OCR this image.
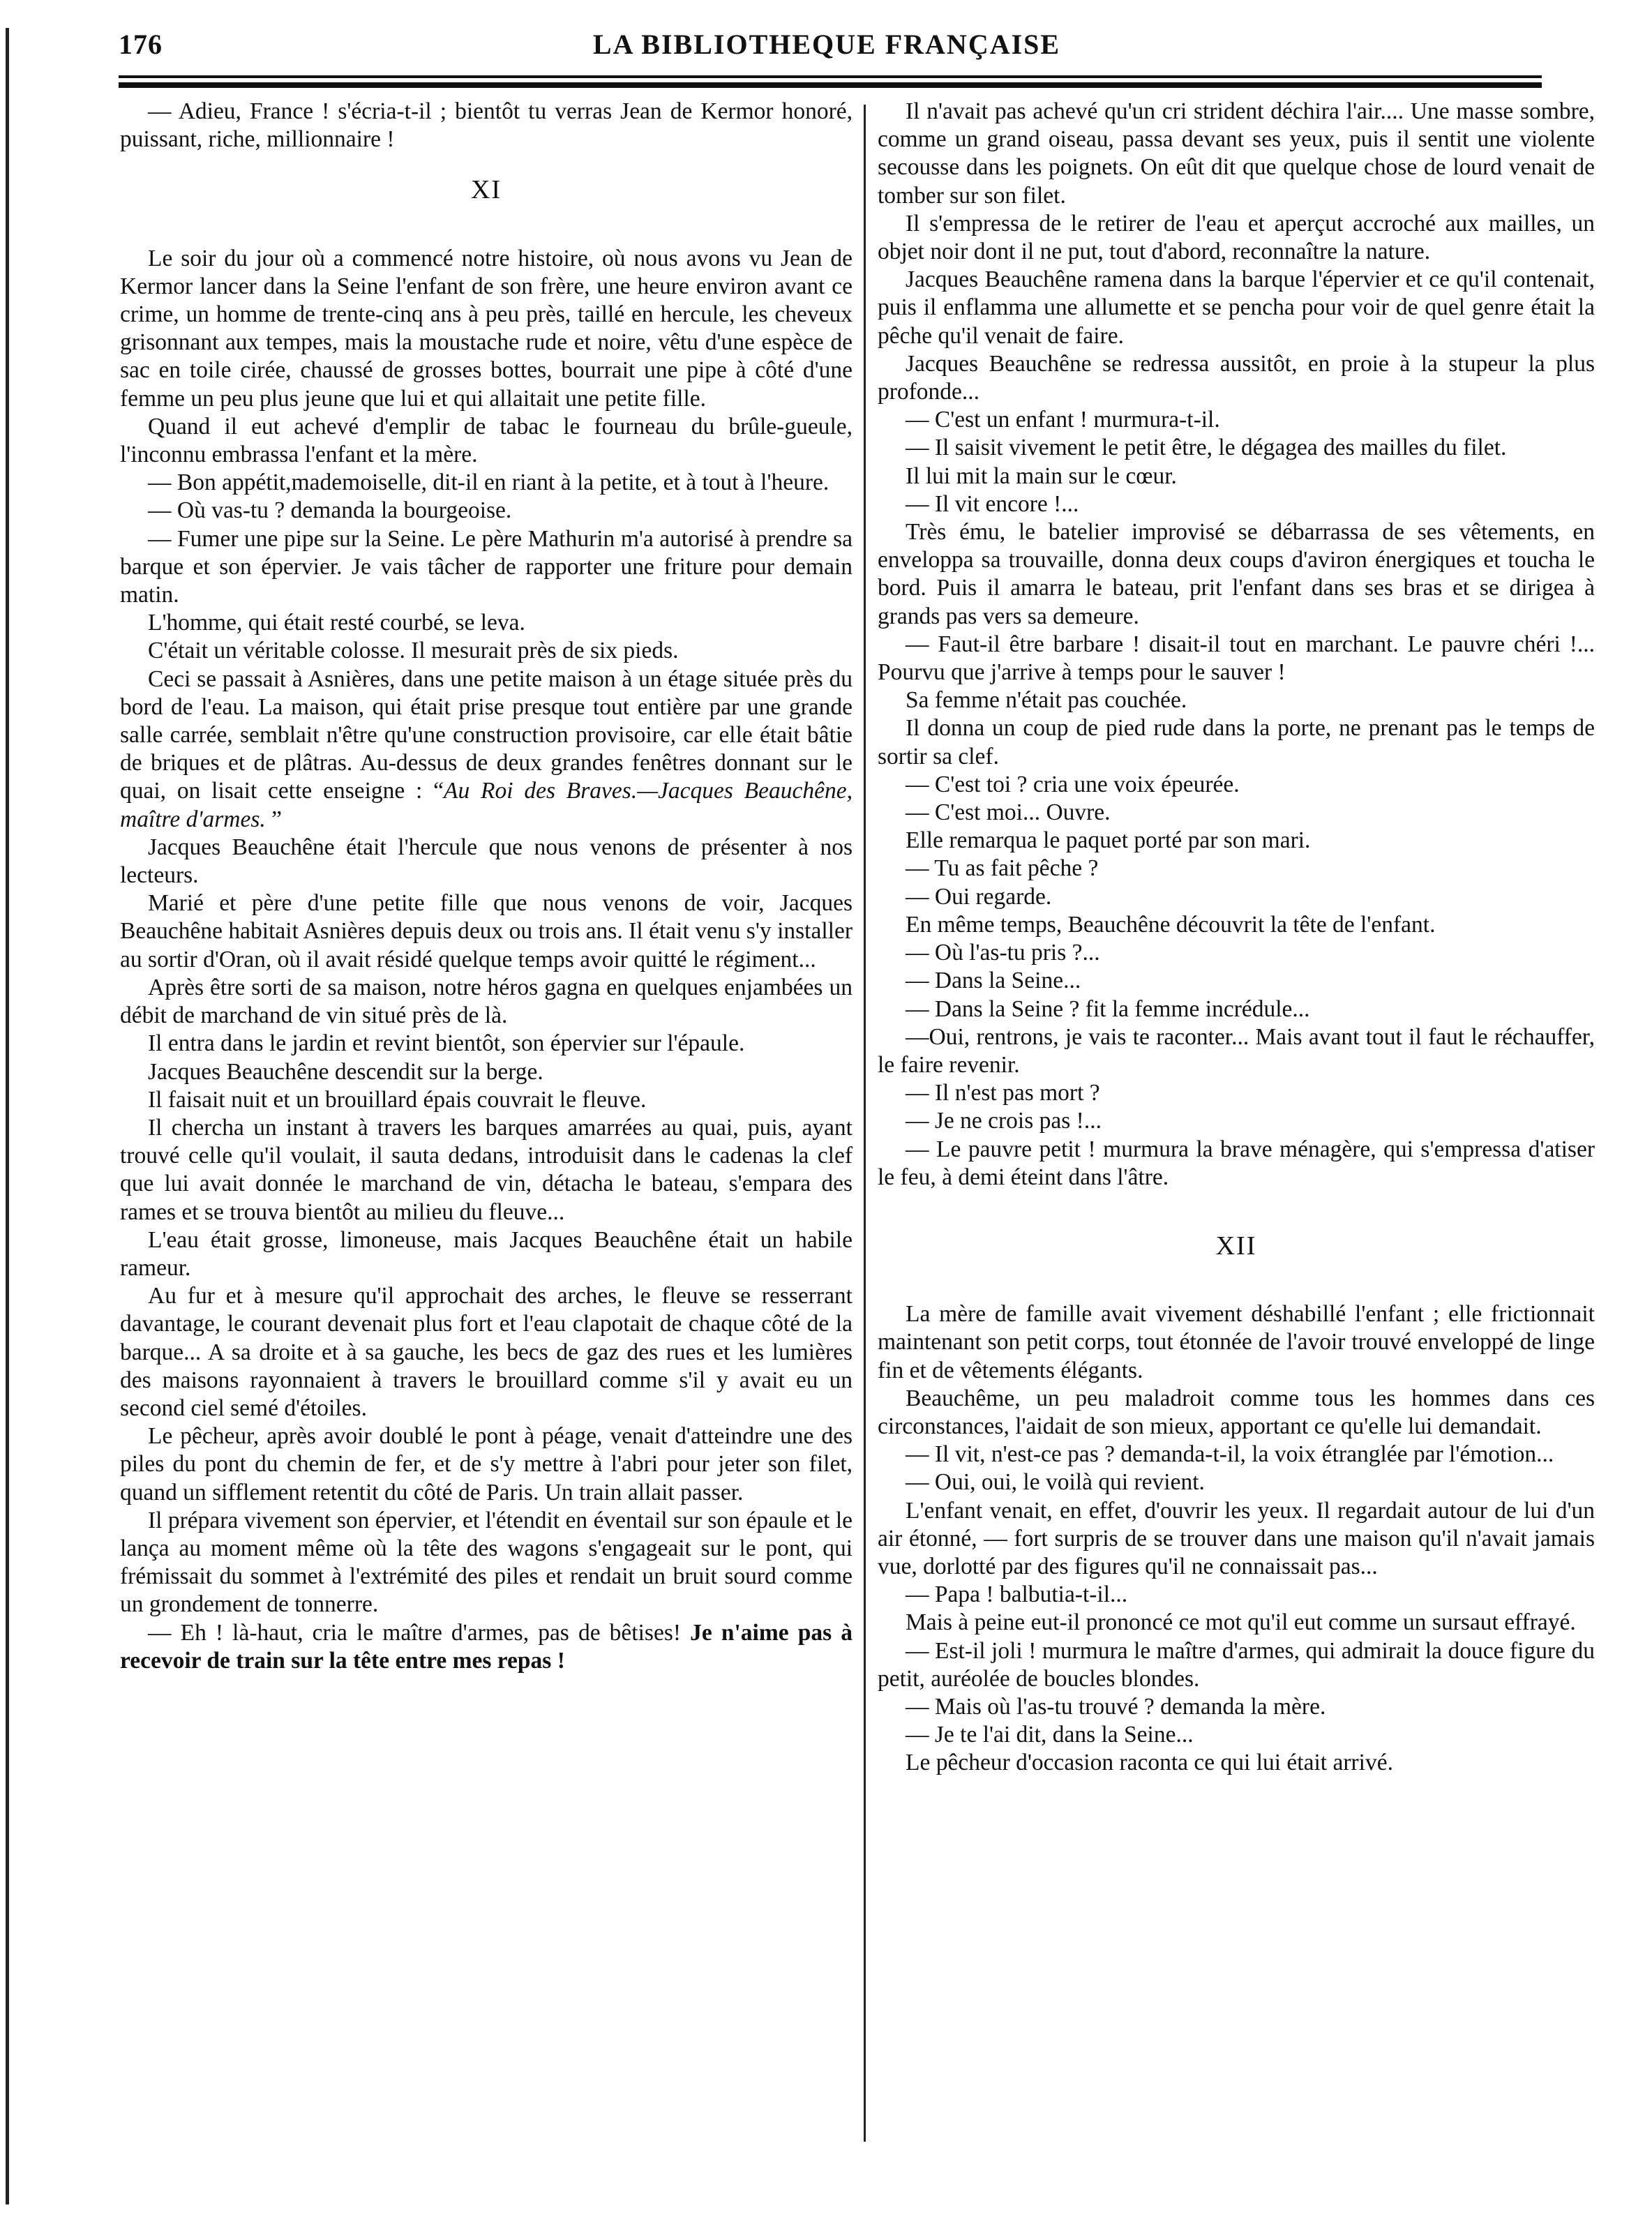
176	LA BIBLIOTHEQUE FRANÇAISE

— Adieu, France ! s'écria-t-il ; bientôt tu verras Jean de Kermor honoré, puissant, riche, millionnaire !

XI

Le soir du jour où a commencé notre histoire, où nous avons vu Jean de Kermor lancer dans la Seine l'enfant de son frère, une heure environ avant ce crime, un homme de trente-cinq ans à peu près, taillé en hercule, les cheveux grisonnant aux tempes, mais la moustache rude et noire, vêtu d'une espèce de sac en toile cirée, chaussé de grosses bottes, bourrait une pipe à côté d'une femme un peu plus jeune que lui et qui allaitait une petite fille.

Quand il eut achevé d'emplir de tabac le fourneau du brûle-gueule, l'inconnu embrassa l'enfant et la mère.

— Bon appétit,mademoiselle, dit-il en riant à la petite, et à tout à l'heure.

— Où vas-tu ? demanda la bourgeoise.

— Fumer une pipe sur la Seine. Le père Mathurin m'a autorisé à prendre sa barque et son épervier. Je vais tâcher de rapporter une friture pour demain matin.

L'homme, qui était resté courbé, se leva.

C'était un véritable colosse. Il mesurait près de six pieds.

Ceci se passait à Asnières, dans une petite maison à un étage située près du bord de l'eau. La maison, qui était prise presque tout entière par une grande salle carrée, semblait n'être qu'une construction provisoire, car elle était bâtie de briques et de plâtras. Au-dessus de deux grandes fenêtres donnant sur le quai, on lisait cette enseigne : “Au Roi des Braves.—Jacques Beauchêne, maître d'armes. ”

Jacques Beauchêne était l'hercule que nous venons de présenter à nos lecteurs.

Marié et père d'une petite fille que nous venons de voir, Jacques Beauchêne habitait Asnières depuis deux ou trois ans. Il était venu s'y installer au sortir d'Oran, où il avait résidé quelque temps avoir quitté le régiment...

Après être sorti de sa maison, notre héros gagna en quelques enjambées un débit de marchand de vin situé près de là.

Il entra dans le jardin et revint bientôt, son épervier sur l'épaule.

Jacques Beauchêne descendit sur la berge.

Il faisait nuit et un brouillard épais couvrait le fleuve.

Il chercha un instant à travers les barques amarrées au quai, puis, ayant trouvé celle qu'il voulait, il sauta dedans, introduisit dans le cadenas la clef que lui avait donnée le marchand de vin, détacha le bateau, s'empara des rames et se trouva bientôt au milieu du fleuve...

L'eau était grosse, limoneuse, mais Jacques Beauchêne était un habile rameur.

Au fur et à mesure qu'il approchait des arches, le fleuve se resserrant davantage, le courant devenait plus fort et l'eau clapotait de chaque côté de la barque... A sa droite et à sa gauche, les becs de gaz des rues et les lumières des maisons rayonnaient à travers le brouillard comme s'il y avait eu un second ciel semé d'étoiles.

Le pêcheur, après avoir doublé le pont à péage, venait d'atteindre une des piles du pont du chemin de fer, et de s'y mettre à l'abri pour jeter son filet, quand un sifflement retentit du côté de Paris. Un train allait passer.

Il prépara vivement son épervier, et l'étendit en éventail sur son épaule et le lança au moment même où la tête des wagons s'engageait sur le pont, qui frémissait du sommet à l'extrémité des piles et rendait un bruit sourd comme un grondement de tonnerre.

— Eh ! là-haut, cria le maître d'armes, pas de bêtises! Je n'aime pas à recevoir de train sur la tête entre mes repas !

Il n'avait pas achevé qu'un cri strident déchira l'air.... Une masse sombre, comme un grand oiseau, passa devant ses yeux, puis il sentit une violente secousse dans les poignets. On eût dit que quelque chose de lourd venait de tomber sur son filet.

Il s'empressa de le retirer de l'eau et aperçut accroché aux mailles, un objet noir dont il ne put, tout d'abord, reconnaître la nature.

Jacques Beauchêne ramena dans la barque l'épervier et ce qu'il contenait, puis il enflamma une allumette et se pencha pour voir de quel genre était la pêche qu'il venait de faire.

Jacques Beauchêne se redressa aussitôt, en proie à la stupeur la plus profonde...

— C'est un enfant ! murmura-t-il.

— Il saisit vivement le petit être, le dégagea des mailles du filet.

Il lui mit la main sur le cœur.

— Il vit encore !...

Très ému, le batelier improvisé se débarrassa de ses vêtements, en enveloppa sa trouvaille, donna deux coups d'aviron énergiques et toucha le bord. Puis il amarra le bateau, prit l'enfant dans ses bras et se dirigea à grands pas vers sa demeure.

— Faut-il être barbare ! disait-il tout en marchant. Le pauvre chéri !... Pourvu que j'arrive à temps pour le sauver !

Sa femme n'était pas couchée.

Il donna un coup de pied rude dans la porte, ne prenant pas le temps de sortir sa clef.

— C'est toi ? cria une voix épeurée.

— C'est moi... Ouvre.

Elle remarqua le paquet porté par son mari.

— Tu as fait pêche ?

— Oui regarde.

En même temps, Beauchêne découvrit la tête de l'enfant.

— Où l'as-tu pris ?...

— Dans la Seine...

— Dans la Seine ? fit la femme incrédule...

—Oui, rentrons, je vais te raconter... Mais avant tout il faut le réchauffer, le faire revenir.

— Il n'est pas mort ?

— Je ne crois pas !...

— Le pauvre petit ! murmura la brave ménagère, qui s'empressa d'atiser le feu, à demi éteint dans l'âtre.

XII

La mère de famille avait vivement déshabillé l'enfant ; elle frictionnait maintenant son petit corps, tout étonnée de l'avoir trouvé enveloppé de linge fin et de vêtements élégants.

Beauchême, un peu maladroit comme tous les hommes dans ces circonstances, l'aidait de son mieux, apportant ce qu'elle lui demandait.

— Il vit, n'est-ce pas ? demanda-t-il, la voix étranglée par l'émotion...

— Oui, oui, le voilà qui revient.

L'enfant venait, en effet, d'ouvrir les yeux. Il regardait autour de lui d'un air étonné, — fort surpris de se trouver dans une maison qu'il n'avait jamais vue, dorlotté par des figures qu'il ne connaissait pas...

— Papa ! balbutia-t-il...

Mais à peine eut-il prononcé ce mot qu'il eut comme un sursaut effrayé.

— Est-il joli ! murmura le maître d'armes, qui admirait la douce figure du petit, auréolée de boucles blondes.

— Mais où l'as-tu trouvé ? demanda la mère.

— Je te l'ai dit, dans la Seine...

Le pêcheur d'occasion raconta ce qui lui était arrivé.
